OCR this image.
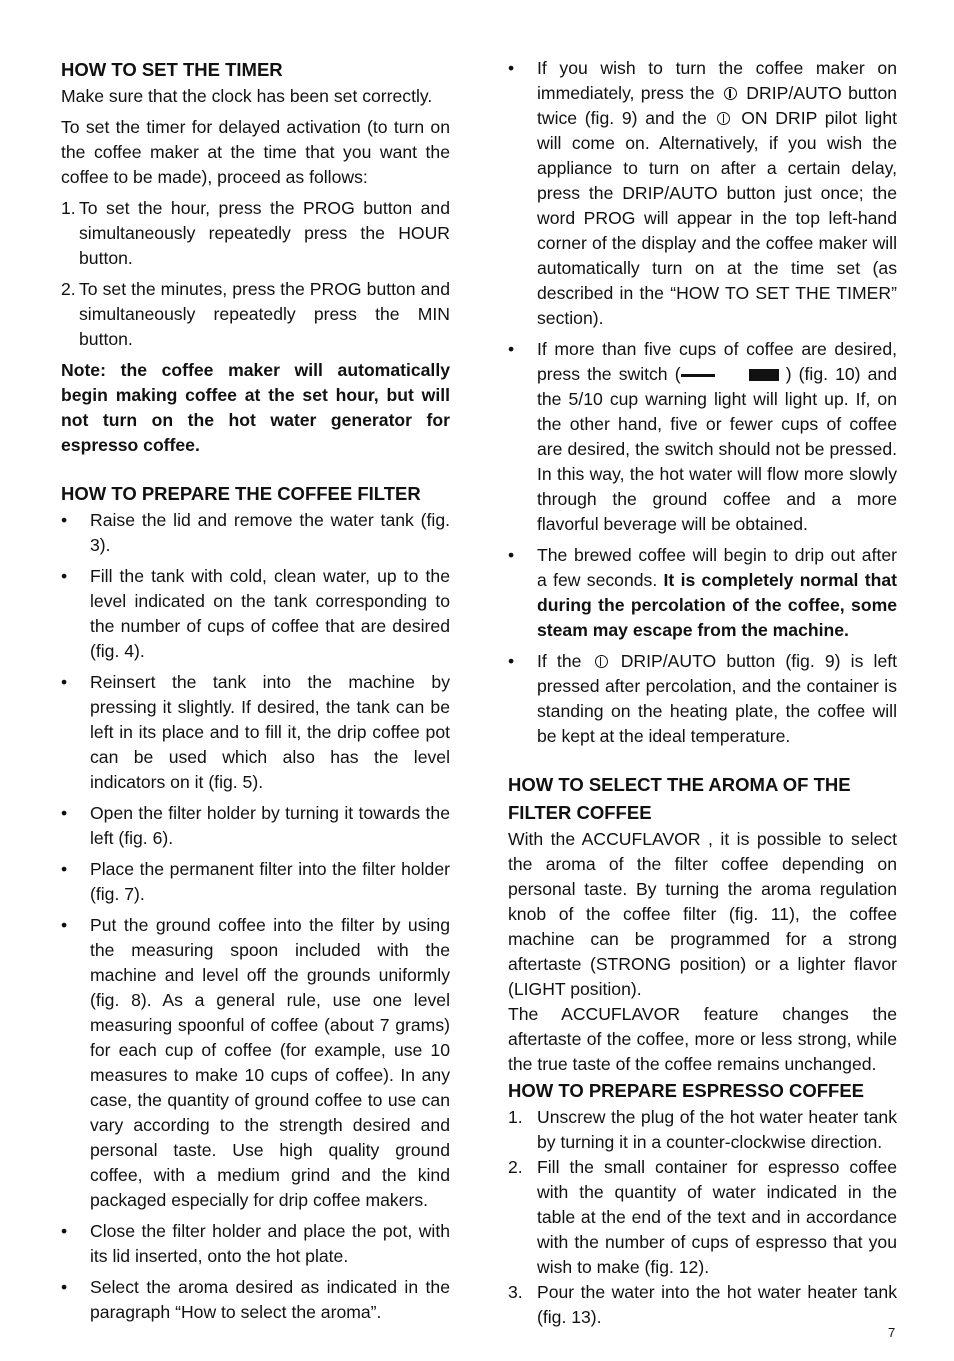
HOW TO SET THE TIMER

Make sure that the clock has been set correctly.

To set the timer for delayed activation (to turn on the coffee maker at the time that you want the coffee to be made), proceed as follows:

1. To set the hour, press the PROG button and simultaneously repeatedly press the HOUR button.
2. To set the minutes, press the PROG button and simultaneously repeatedly press the MIN button.

Note: the coffee maker will automatically begin making coffee at the set hour, but will not turn on the hot water generator for espresso coffee.

HOW TO PREPARE THE COFFEE FILTER
• Raise the lid and remove the water tank (fig. 3).
• Fill the tank with cold, clean water, up to the level indicated on the tank corresponding to the number of cups of coffee that are desired (fig. 4).
• Reinsert the tank into the machine by pressing it slightly. If desired, the tank can be left in its place and to fill it, the drip coffee pot can be used which also has the level indicators on it (fig. 5).
• Open the filter holder by turning it towards the left (fig. 6).
• Place the permanent filter into the filter holder (fig. 7).
• Put the ground coffee into the filter by using the measuring spoon included with the machine and level off the grounds uniformly (fig. 8). As a general rule, use one level measuring spoonful of coffee (about 7 grams) for each cup of coffee (for example, use 10 measures to make 10 cups of coffee). In any case, the quantity of ground coffee to use can vary according to the strength desired and personal taste. Use high quality ground coffee, with a medium grind and the kind packaged especially for drip coffee makers.
• Close the filter holder and place the pot, with its lid inserted, onto the hot plate.
• Select the aroma desired as indicated in the paragraph “How to select the aroma”.
• If you wish to turn the coffee maker on immediately, press the DRIP/AUTO button twice (fig. 9) and the ON DRIP pilot light will come on. Alternatively, if you wish the appliance to turn on after a certain delay, press the DRIP/AUTO button just once; the word PROG will appear in the top left-hand corner of the display and the coffee maker will automatically turn on at the time set (as described in the “HOW TO SET THE TIMER” section).
• If more than five cups of coffee are desired, press the switch (	) (fig. 10) and the 5/10 cup warning light will light up. If, on the other hand, five or fewer cups of coffee are desired, the switch should not be pressed. In this way, the hot water will flow more slowly through the ground coffee and a more flavorful beverage will be obtained.
• The brewed coffee will begin to drip out after a few seconds. It is completely normal that during the percolation of the coffee, some steam may escape from the machine.
• If the DRIP/AUTO button (fig. 9) is left pressed after percolation, and the container is standing on the heating plate, the coffee will be kept at the ideal temperature.
HOW TO SELECT THE AROMA OF THE FILTER COFFEE

With the ACCUFLAVOR , it is possible to select the aroma of the filter coffee depending on personal taste. By turning the aroma regulation knob of the coffee filter (fig. 11), the coffee machine can be programmed for a strong aftertaste (STRONG position) or a lighter flavor (LIGHT position).

The ACCUFLAVOR feature changes the aftertaste of the coffee, more or less strong, while the true taste of the coffee remains unchanged.

HOW TO PREPARE ESPRESSO COFFEE
1. Unscrew the plug of the hot water heater tank by turning it in a counter-clockwise direction.
2. Fill the small container for espresso coffee with the quantity of water indicated in the table at the end of the text and in accordance with the number of cups of espresso that you wish to make (fig. 12).
3. Pour the water into the hot water heater tank (fig. 13).
7
